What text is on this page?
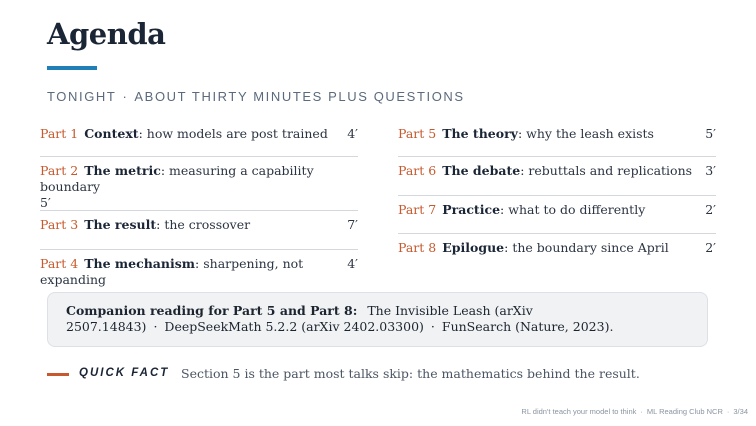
Agenda
TONIGHT · ABOUT THIRTY MINUTES PLUS QUESTIONS
Part 1 Context: how models are post trained 4′
Part 2 The metric: measuring a capability boundary
5′
Part 3 The result: the crossover	7′
Part 4 The mechanism: sharpening, not expanding
4′
Part 5 The theory: why the leash exists	5′
Part 6 The debate: rebuttals and replications 3′
Part 7 Practice: what to do differently	2′
Part 8 Epilogue: the boundary since April	2′
Companion reading for Part 5 and Part 8: The Invisible Leash (arXiv 2507.14843) · DeepSeekMath 5.2.2 (arXiv 2402.03300) · FunSearch (Nature, 2023).
QUICK FACT Section 5 is the part most talks skip: the mathematics behind the result.
RL didn't teach your model to think · ML Reading Club NCR · 3/34
